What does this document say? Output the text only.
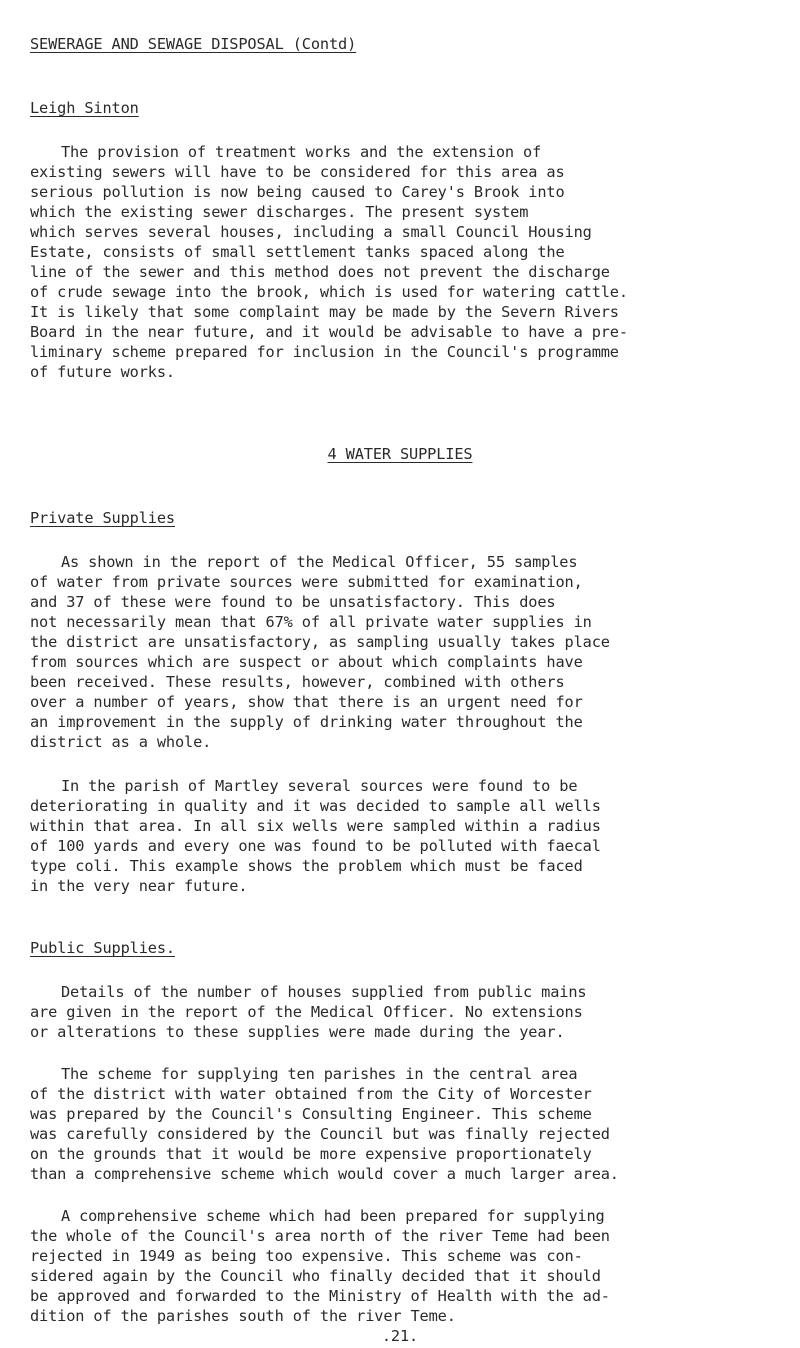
SEWERAGE AND SEWAGE DISPOSAL (Contd)
Leigh Sinton
The provision of treatment works and the extension of
existing sewers will have to be considered for this area as
serious pollution is now being caused to Carey's Brook into
which the existing sewer discharges. The present system
which serves several houses, including a small Council Housing
Estate, consists of small settlement tanks spaced along the
line of the sewer and this method does not prevent the discharge
of crude sewage into the brook, which is used for watering cattle.
It is likely that some complaint may be made by the Severn Rivers
Board in the near future, and it would be advisable to have a pre-
liminary scheme prepared for inclusion in the Council's programme
of future works.
4 WATER SUPPLIES
Private Supplies
As shown in the report of the Medical Officer, 55 samples
of water from private sources were submitted for examination,
and 37 of these were found to be unsatisfactory. This does
not necessarily mean that 67% of all private water supplies in
the district are unsatisfactory, as sampling usually takes place
from sources which are suspect or about which complaints have
been received. These results, however, combined with others
over a number of years, show that there is an urgent need for
an improvement in the supply of drinking water throughout the
district as a whole.
In the parish of Martley several sources were found to be
deteriorating in quality and it was decided to sample all wells
within that area. In all six wells were sampled within a radius
of 100 yards and every one was found to be polluted with faecal
type coli. This example shows the problem which must be faced
in the very near future.
Public Supplies.
Details of the number of houses supplied from public mains
are given in the report of the Medical Officer. No extensions
or alterations to these supplies were made during the year.
The scheme for supplying ten parishes in the central area
of the district with water obtained from the City of Worcester
was prepared by the Council's Consulting Engineer. This scheme
was carefully considered by the Council but was finally rejected
on the grounds that it would be more expensive proportionately
than a comprehensive scheme which would cover a much larger area.
A comprehensive scheme which had been prepared for supplying
the whole of the Council's area north of the river Teme had been
rejected in 1949 as being too expensive. This scheme was con-
sidered again by the Council who finally decided that it should
be approved and forwarded to the Ministry of Health with the ad-
dition of the parishes south of the river Teme.
.21.
